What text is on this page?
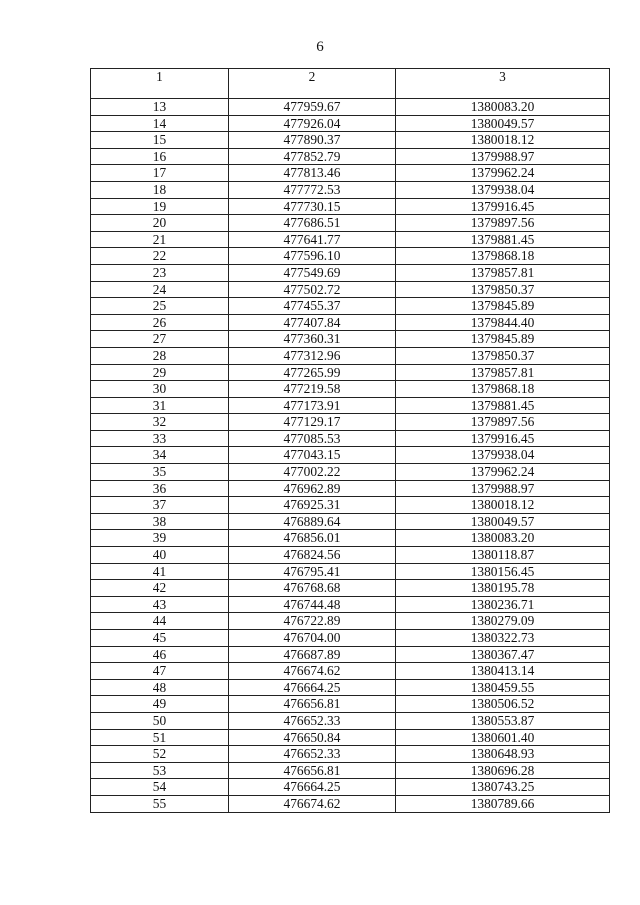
6
1	2	3
13	477959.67	1380083.20
14	477926.04	1380049.57
15	477890.37	1380018.12
16	477852.79	1379988.97
17	477813.46	1379962.24
18	477772.53	1379938.04
19	477730.15	1379916.45
20	477686.51	1379897.56
21	477641.77	1379881.45
22	477596.10	1379868.18
23	477549.69	1379857.81
24	477502.72	1379850.37
25	477455.37	1379845.89
26	477407.84	1379844.40
27	477360.31	1379845.89
28	477312.96	1379850.37
29	477265.99	1379857.81
30	477219.58	1379868.18
31	477173.91	1379881.45
32	477129.17	1379897.56
33	477085.53	1379916.45
34	477043.15	1379938.04
35	477002.22	1379962.24
36	476962.89	1379988.97
37	476925.31	1380018.12
38	476889.64	1380049.57
39	476856.01	1380083.20
40	476824.56	1380118.87
41	476795.41	1380156.45
42	476768.68	1380195.78
43	476744.48	1380236.71
44	476722.89	1380279.09
45	476704.00	1380322.73
46	476687.89	1380367.47
47	476674.62	1380413.14
48	476664.25	1380459.55
49	476656.81	1380506.52
50	476652.33	1380553.87
51	476650.84	1380601.40
52	476652.33	1380648.93
53	476656.81	1380696.28
54	476664.25	1380743.25
55	476674.62	1380789.66
